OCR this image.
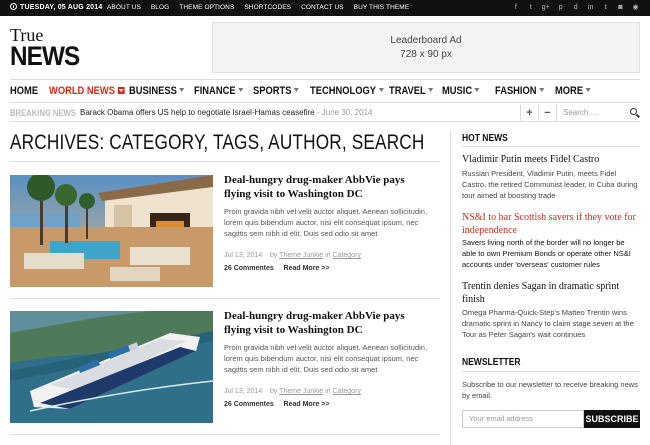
TUESDAY, 05 AUG 2014 ABOUT US BLOG THEME OPTIONS SHORTCODES CONTACT US BUY THIS THEME	f t g+ p d in t ◙ ◉
True
NEWS
Leaderboard Ad
728 x 90 px
HOME WORLD NEWS	BUSINESS	FINANCE	SPORTS	TECHNOLOGY	TRAVEL	MUSIC	FASHION	MORE
BREAKING NEWS Barack Obama offers US help to negotiate Israel-Hamas ceasefire - June 30, 2014	+	−	Search ...
ARCHIVES: CATEGORY, TAGS, AUTHOR, SEARCH
Deal-hungry drug-maker AbbVie pays flying visit to Washington DC
Proin gravida nibh vel velit auctor aliquet. Aenean sollicitudin, lorem quis bibendum auctor, nisi elit consequat ipsum, nec sagittis sem nibh id elit. Duis sed odio sit amet
Jul 13, 2014 by Theme Junkie in Category
26 Commentes Read More >>
Deal-hungry drug-maker AbbVie pays flying visit to Washington DC
Proin gravida nibh vel velit auctor aliquet. Aenean sollicitudin, lorem quis bibendum auctor, nisi elit consequat ipsum, nec sagittis sem nibh id elit. Duis sed odio sit amet
Jul 13, 2014 by Theme Junkie in Category
26 Commentes Read More >>
HOT NEWS
Vladimir Putin meets Fidel Castro
Russian President, Vladimir Putin, meets Fidel Castro, the retired Communist leader, in Cuba during tour aimed at boosting trade
NS&I to bar Scottish savers if they vote for independence
Savers living north of the border will no longer be able to own Premium Bonds or operate other NS&I accounts under 'overseas' customer rules
Trentin denies Sagan in dramatic sprint finish
Omega Pharma-Quick-Step's Matteo Trentin wins dramatic sprint in Nancy to claim stage seven at the Tour as Peter Sagan's wait continues
NEWSLETTER
Subscribe to our newsletter to receive breaking news by email.
Your email address	SUBSCRIBE
